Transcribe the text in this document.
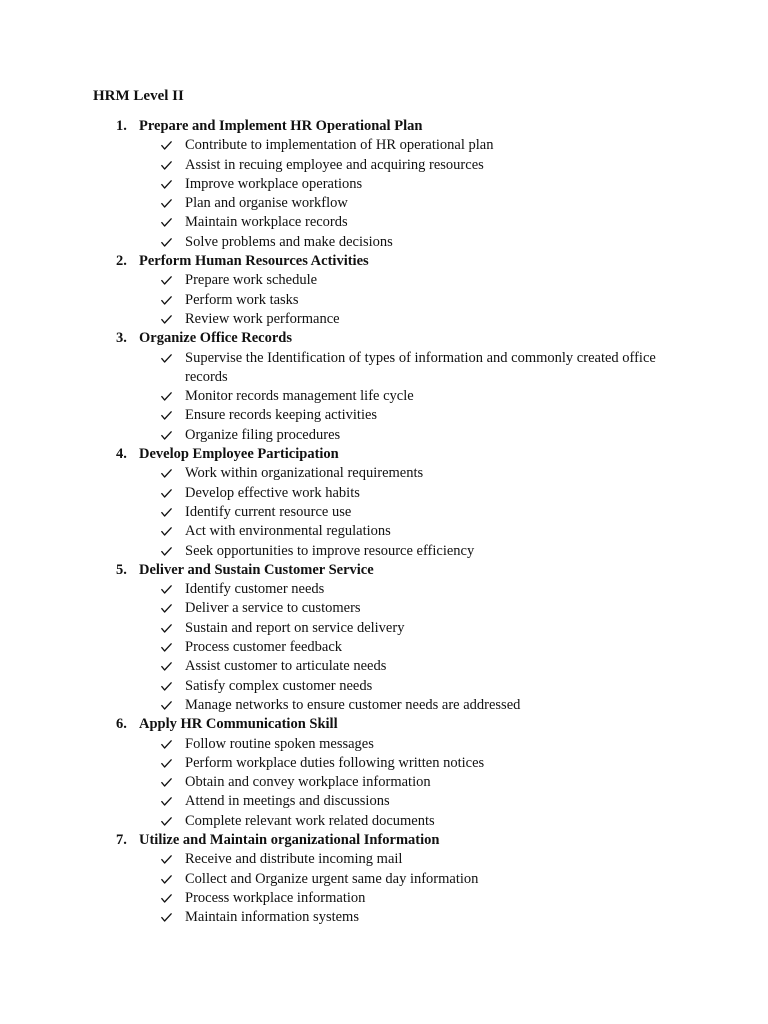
HRM Level II
1. Prepare and Implement HR Operational Plan
Contribute to implementation of HR operational plan
Assist in recuing employee and acquiring resources
Improve workplace operations
Plan and organise workflow
Maintain workplace records
Solve problems and make decisions
2. Perform Human Resources Activities
Prepare work schedule
Perform work tasks
Review work performance
3. Organize Office Records
Supervise the Identification of types of information and commonly created office records
Monitor records management life cycle
Ensure records keeping activities
Organize filing procedures
4. Develop Employee Participation
Work within organizational requirements
Develop effective work habits
Identify current resource use
Act with environmental regulations
Seek opportunities to improve resource efficiency
5. Deliver and Sustain Customer Service
Identify customer needs
Deliver a service to customers
Sustain and report on service delivery
Process customer feedback
Assist customer to articulate needs
Satisfy complex customer needs
Manage networks to ensure customer needs are addressed
6. Apply HR Communication Skill
Follow routine spoken messages
Perform workplace duties following written notices
Obtain and convey workplace information
Attend in meetings and discussions
Complete relevant work related documents
7. Utilize and Maintain organizational Information
Receive and distribute incoming mail
Collect and Organize urgent same day information
Process workplace information
Maintain information systems
